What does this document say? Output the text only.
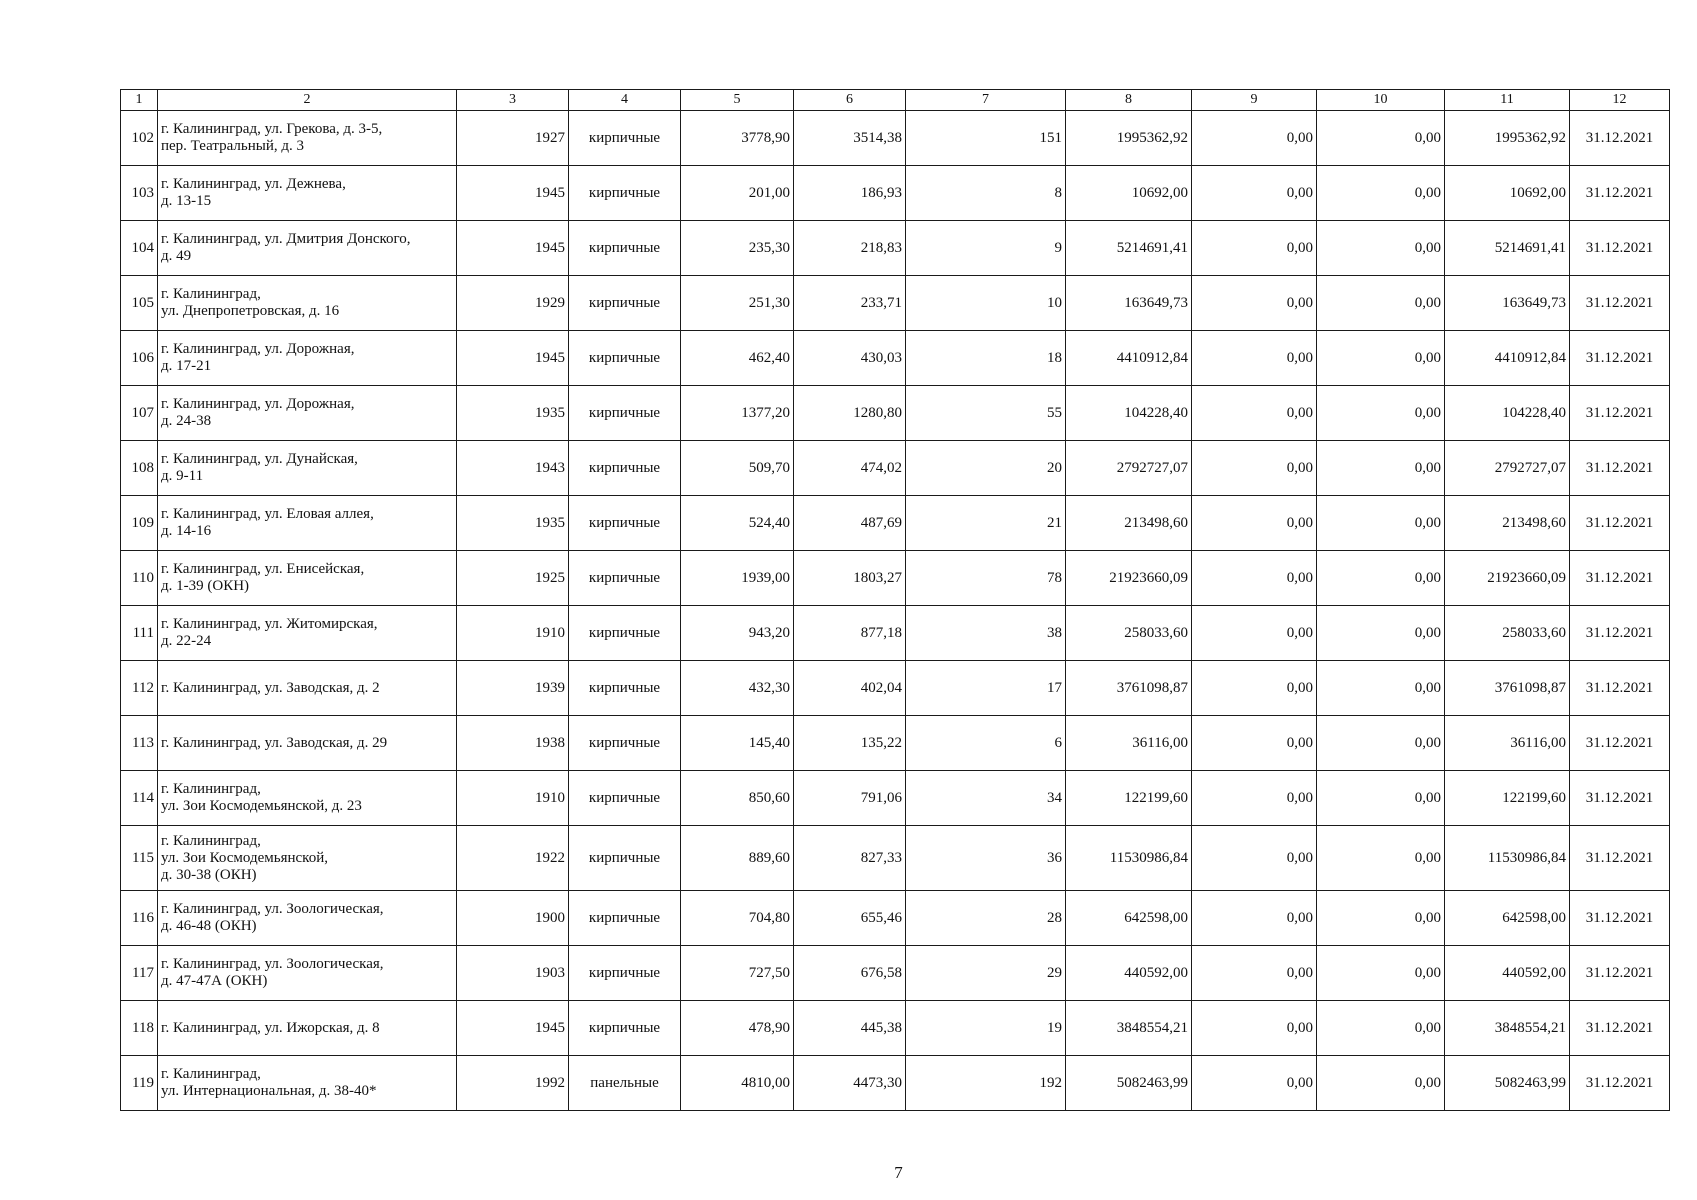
1	2	3	4	5	6	7	8	9	10	11	12
102	г. Калининград, ул. Грекова, д. 3-5,
пер. Театральный, д. 3	1927	кирпичные	3778,90	3514,38	151	1995362,92	0,00	0,00	1995362,92	31.12.2021
103	г. Калининград, ул. Дежнева,
д. 13-15	1945	кирпичные	201,00	186,93	8	10692,00	0,00	0,00	10692,00	31.12.2021
104	г. Калининград, ул. Дмитрия Донского,
д. 49	1945	кирпичные	235,30	218,83	9	5214691,41	0,00	0,00	5214691,41	31.12.2021
105	г. Калининград,
ул. Днепропетровская, д. 16	1929	кирпичные	251,30	233,71	10	163649,73	0,00	0,00	163649,73	31.12.2021
106	г. Калининград, ул. Дорожная,
д. 17-21	1945	кирпичные	462,40	430,03	18	4410912,84	0,00	0,00	4410912,84	31.12.2021
107	г. Калининград, ул. Дорожная,
д. 24-38	1935	кирпичные	1377,20	1280,80	55	104228,40	0,00	0,00	104228,40	31.12.2021
108	г. Калининград, ул. Дунайская,
д. 9-11	1943	кирпичные	509,70	474,02	20	2792727,07	0,00	0,00	2792727,07	31.12.2021
109	г. Калининград, ул. Еловая аллея,
д. 14-16	1935	кирпичные	524,40	487,69	21	213498,60	0,00	0,00	213498,60	31.12.2021
110	г. Калининград, ул. Енисейская,
д. 1-39 (ОКН)	1925	кирпичные	1939,00	1803,27	78	21923660,09	0,00	0,00	21923660,09	31.12.2021
111	г. Калининград, ул. Житомирская,
д. 22-24	1910	кирпичные	943,20	877,18	38	258033,60	0,00	0,00	258033,60	31.12.2021
112	г. Калининград, ул. Заводская, д. 2	1939	кирпичные	432,30	402,04	17	3761098,87	0,00	0,00	3761098,87	31.12.2021
113	г. Калининград, ул. Заводская, д. 29	1938	кирпичные	145,40	135,22	6	36116,00	0,00	0,00	36116,00	31.12.2021
114	г. Калининград,
ул. Зои Космодемьянской, д. 23	1910	кирпичные	850,60	791,06	34	122199,60	0,00	0,00	122199,60	31.12.2021
115	г. Калининград,
ул. Зои Космодемьянской,
д. 30-38 (ОКН)	1922	кирпичные	889,60	827,33	36	11530986,84	0,00	0,00	11530986,84	31.12.2021
116	г. Калининград, ул. Зоологическая,
д. 46-48 (ОКН)	1900	кирпичные	704,80	655,46	28	642598,00	0,00	0,00	642598,00	31.12.2021
117	г. Калининград, ул. Зоологическая,
д. 47-47А (ОКН)	1903	кирпичные	727,50	676,58	29	440592,00	0,00	0,00	440592,00	31.12.2021
118	г. Калининград, ул. Ижорская, д. 8	1945	кирпичные	478,90	445,38	19	3848554,21	0,00	0,00	3848554,21	31.12.2021
119	г. Калининград,
ул. Интернациональная, д. 38-40*	1992	панельные	4810,00	4473,30	192	5082463,99	0,00	0,00	5082463,99	31.12.2021
7
